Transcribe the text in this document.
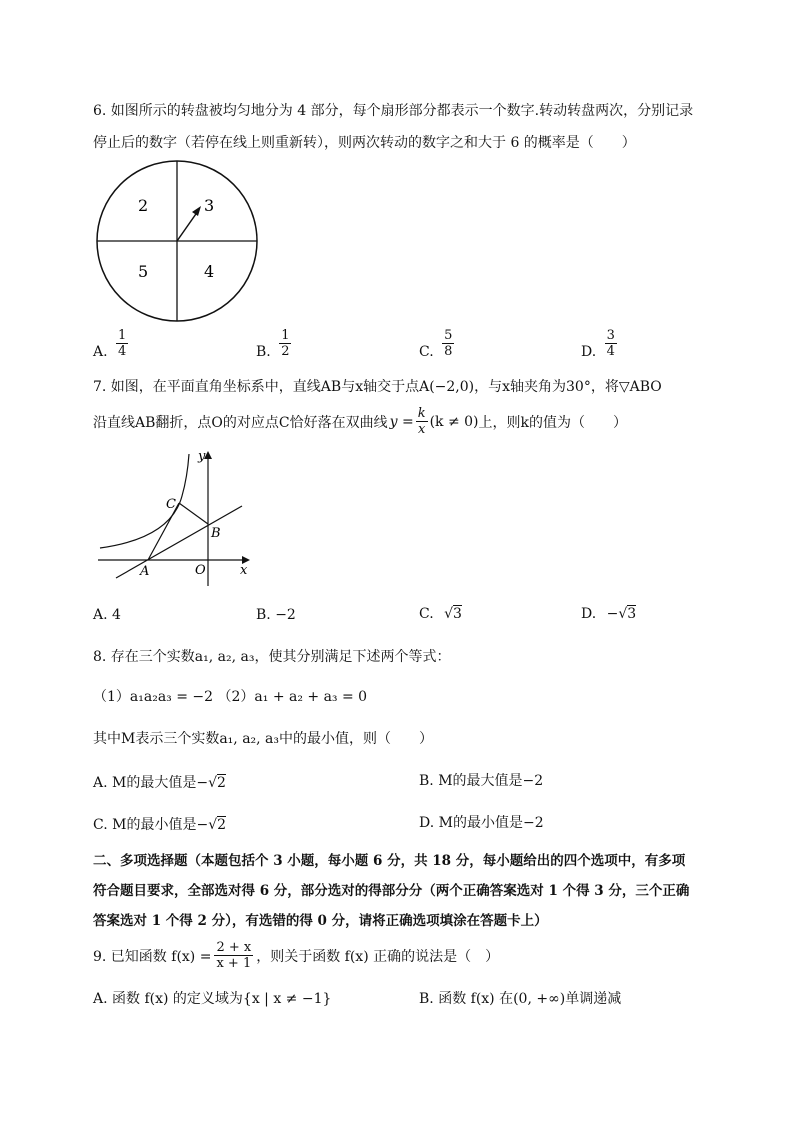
6. 如图所示的转盘被均匀地分为 4 部分，每个扇形部分都表示一个数字.转动转盘两次，分别记录
停止后的数字（若停在线上则重新转），则两次转动的数字之和大于 6 的概率是（　　）
2	3
5	4
A. $\frac{1}{4}$	B. $\frac{1}{2}$	C. $\frac{5}{8}$	D. $\frac{3}{4}$
7. 如图，在平面直角坐标系中，直线AB与x轴交于点A(−2,0)，与x轴夹角为30°，将▽ABO
沿直线AB翻折，点O的对应点C恰好落在双曲线 $y = \frac{k}{x} (k \ne 0)$ 上，则k的值为（　　）
y
x
C
B
A	O
A. 4	B. −2	C. √3	D. −√3
8. 存在三个实数a₁, a₂, a₃，使其分别满足下述两个等式：
（1）a₁a₂a₃ = −2 （2）a₁ + a₂ + a₃ = 0
其中M表示三个实数a₁, a₂, a₃中的最小值，则（　　）
A. M的最大值是−√2	B. M的最大值是−2
C. M的最小值是−√2	D. M的最小值是−2
二、多项选择题（本题包括个 3 小题，每小题 6 分，共 18 分，每小题给出的四个选项中，有多项
符合题目要求，全部选对得 6 分，部分选对的得部分分（两个正确答案选对 1 个得 3 分，三个正确
答案选对 1 个得 2 分），有选错的得 0 分，请将正确选项填涂在答题卡上）
9. 已知函数 $f(x) = \frac{2 + x}{x + 1}$ ，则关于函数 f(x) 正确的说法是（　）
A. 函数 f(x) 的定义域为{x | x ≠ −1}	B. 函数 f(x) 在(0, +∞)单调递减
